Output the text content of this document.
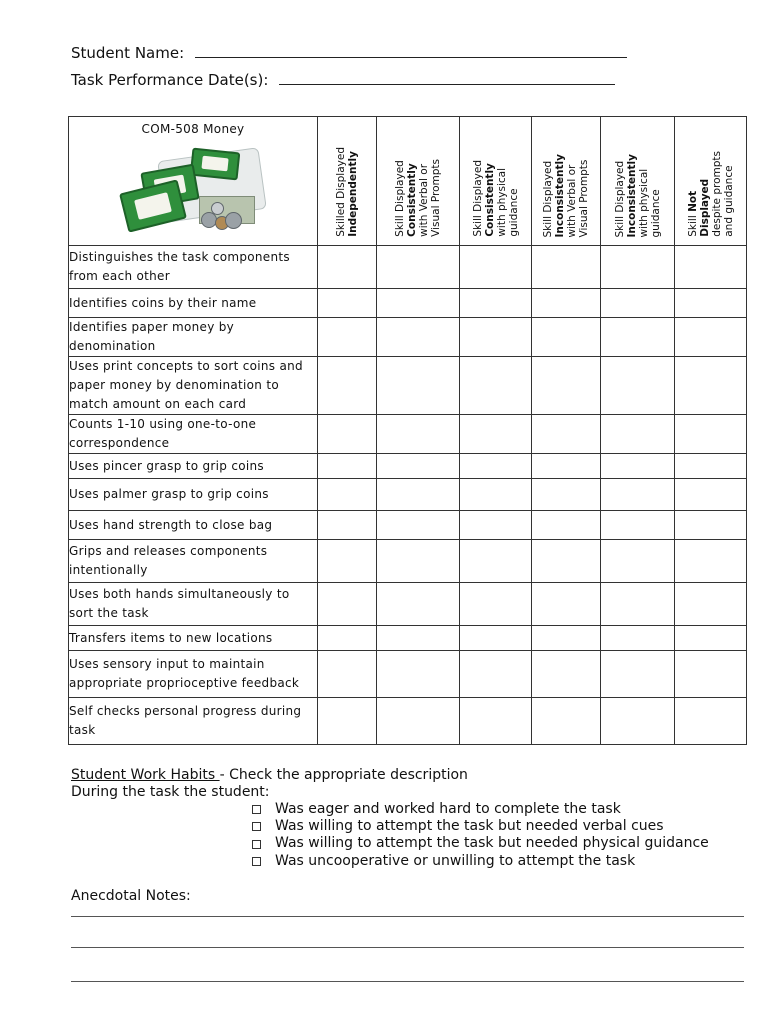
Student Name:
Task Performance Date(s):
COM-508 Money	Skilled Displayed Independently	Skill Displayed Consistently with Verbal or Visual Prompts	Skill Displayed Consistently with physical guidance	Skill Displayed Inconsistently with Verbal or Visual Prompts	Skill Displayed Inconsistently with physical guidance	Skill Not Displayed despite prompts and guidance

Distinguishes the task components from each other						
Identifies coins by their name						
Identifies paper money by denomination						
Uses print concepts to sort coins and paper money by denomination to match amount on each card						
Counts 1-10 using one-to-one correspondence						
Uses pincer grasp to grip coins						
Uses palmer grasp to grip coins						
Uses hand strength to close bag						
Grips and releases components intentionally						
Uses both hands simultaneously to sort the task						
Transfers items to new locations						
Uses sensory input to maintain appropriate proprioceptive feedback						
Self checks personal progress during task						
Student Work Habits - Check the appropriate description
During the task the student:
Was eager and worked hard to complete the task
Was willing to attempt the task but needed verbal cues
Was willing to attempt the task but needed physical guidance
Was uncooperative or unwilling to attempt the task
Anecdotal Notes:
